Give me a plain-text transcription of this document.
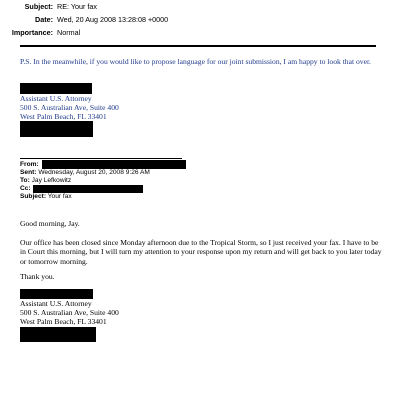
Subject: RE: Your fax
Date: Wed, 20 Aug 2008 13:28:08 +0000
Importance: Normal
P.S. In the meanwhile, if you would like to propose language for our joint submission, I am happy to look that over.
Assistant U.S. Attorney
500 S. Australian Ave, Suite 400
West Palm Beach, FL 33401
From:
Sent: Wednesday, August 20, 2008 9:26 AM
To: Jay Lefkowitz
Cc:
Subject: Your fax
Good morning, Jay.
Our office has been closed since Monday afternoon due to the Tropical Storm, so I just received your fax. I have to be in Court this morning, but I will turn my attention to your response upon my return and will get back to you later today or tomorrow morning.
Thank you.
Assistant U.S. Attorney
500 S. Australian Ave, Suite 400
West Palm Beach, FL 33401
